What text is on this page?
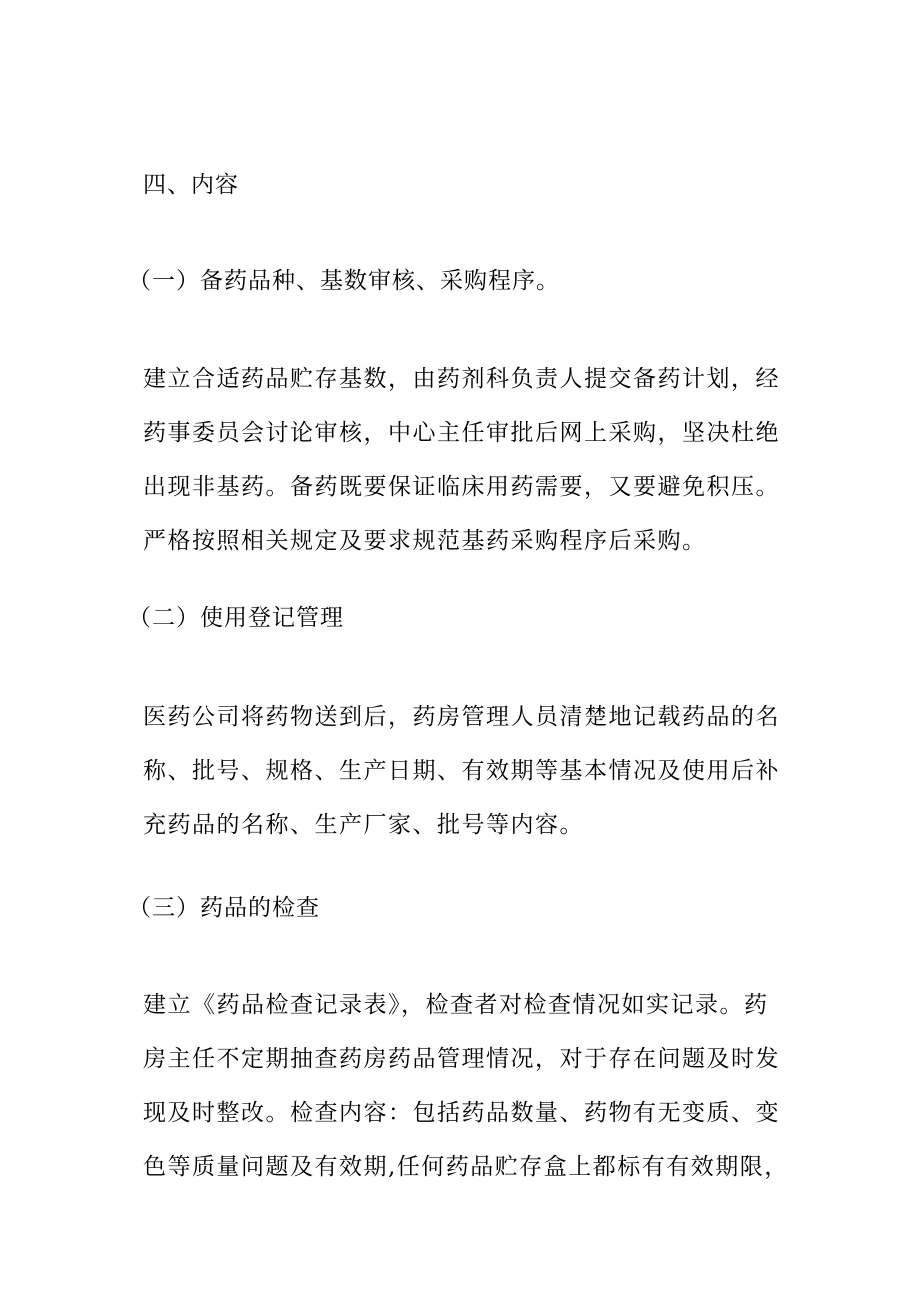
四、内容
（一）备药品种、基数审核、采购程序。
建立合适药品贮存基数，由药剂科负责人提交备药计划，经
药事委员会讨论审核，中心主任审批后网上采购，坚决杜绝
出现非基药。备药既要保证临床用药需要，又要避免积压。
严格按照相关规定及要求规范基药采购程序后采购。
（二）使用登记管理
医药公司将药物送到后，药房管理人员清楚地记载药品的名
称、批号、规格、生产日期、有效期等基本情况及使用后补
充药品的名称、生产厂家、批号等内容。
（三）药品的检查
建立《药品检查记录表》，检查者对检查情况如实记录。药
房主任不定期抽查药房药品管理情况，对于存在问题及时发
现及时整改。检查内容：包括药品数量、药物有无变质、变
色等质量问题及有效期,任何药品贮存盒上都标有有效期限，
